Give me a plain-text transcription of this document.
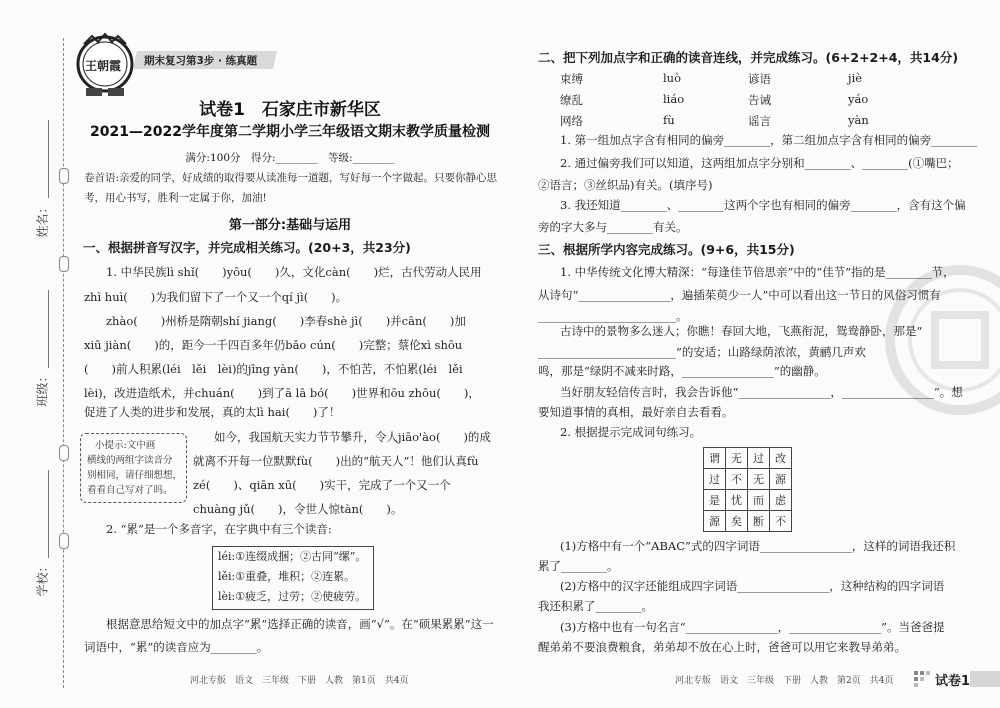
姓名：
班级：
学校：
王朝霞 期末复习第3步 · 练真题
试卷1　石家庄市新华区
2021—2022学年度第二学期小学三年级语文期末教学质量检测
满分:100分　得分:________　等级:________
卷首语:亲爱的同学，好成绩的取得要从读准每一道题，写好每一个字做起。只要你静心思
考，用心书写，胜利一定属于你，加油!
第一部分:基础与运用
一、根据拼音写汉字，并完成相关练习。(20+3，共23分)
1. 中华民族lì shǐ(　　)yōu(　　)久，文化càn(　　)烂，古代劳动人民用
zhì huì(　　)为我们留下了一个又一个qí jì(　　)。
zhào(　　)州桥是隋朝shí jiang(　　)李春shè jì(　　)并cān(　　)加
xiū jiàn(　　)的，距今一千四百多年仍bǎo cún(　　)完整；蔡伦xì shōu
(　　)前人积累(léi　lěi　lèi)的jīng yàn(　　)，不怕苦，不怕累(léi　lěi
lèi)，改进造纸术，并chuán(　　)到了ā lā bó(　　)世界和ōu zhōu(　　)，
促进了人类的进步和发展，真的太lì hai(　　)了！
小提示:文中画
横线的两组字读音分
别相同，请仔细想想，
看看自己写对了吗。
如今，我国航天实力节节攀升，令人jiāo'ào(　　)的成
就离不开每一位默默fù(　　)出的“航天人”！他们认真fù
zé(　　)、qiān xū(　　)实干，完成了一个又一个
chuàng jǔ(　　)，令世人惊tàn(　　)。
2. “累”是一个多音字，在字典中有三个读音:
léi:①连缀成捆；②古同“缧”。
lěi:①重叠，堆积；②连累。
lèi:①疲乏，过劳；②使疲劳。
根据意思给短文中的加点字“累”选择正确的读音，画“√”。在“硕果累累”这一
词语中，“累”的读音应为________。
河北专版　语文　三年级　下册　人教　第1页　共4页
二、把下列加点字和正确的读音连线，并完成练习。(6+2+2+4，共14分)
束缚	luò	谚语	jiè
缭乱	liáo	告诫	yáo
网络	fù	谣言	yàn
1. 第一组加点字含有相同的偏旁________，第二组加点字含有相同的偏旁________
2. 通过偏旁我们可以知道，这两组加点字分别和________、________(①嘴巴；
②语言；③丝织品)有关。(填序号)
3. 我还知道________、________这两个字也有相同的偏旁________，含有这个偏
旁的字大多与________有关。
三、根据所学内容完成练习。(9+6，共15分)
1. 中华传统文化博大精深：“每逢佳节倍思亲”中的“佳节”指的是________节，
从诗句“________________，遍插茱萸少一人”中可以看出这一节日的风俗习惯有
________________________。
古诗中的景物多么迷人；你瞧！春回大地，飞燕衔泥，鸳鸯静卧，那是“
________________________”的安适；山路绿荫浓浓，黄鹂几声欢
鸣，那是“绿阴不减来时路，________________”的幽静。
当好朋友轻信传言时，我会告诉他“________________，________________”。想
要知道事情的真相，最好亲自去看看。
2. 根据提示完成词句练习。
谓	无	过	改
过	不	无	源
是	忧	而	虑
源	矣	断	不
(1)方格中有一个“ABAC”式的四字词语________________，这样的词语我还积
累了________。
(2)方格中的汉字还能组成四字词语________________，这种结构的四字词语
我还积累了________。
(3)方格中也有一句名言“________________，________________”。当爸爸提
醒弟弟不要浪费粮食，弟弟却不放在心上时，爸爸可以用它来教导弟弟。
河北专版　语文　三年级　下册　人教　第2页　共4页	试卷1
